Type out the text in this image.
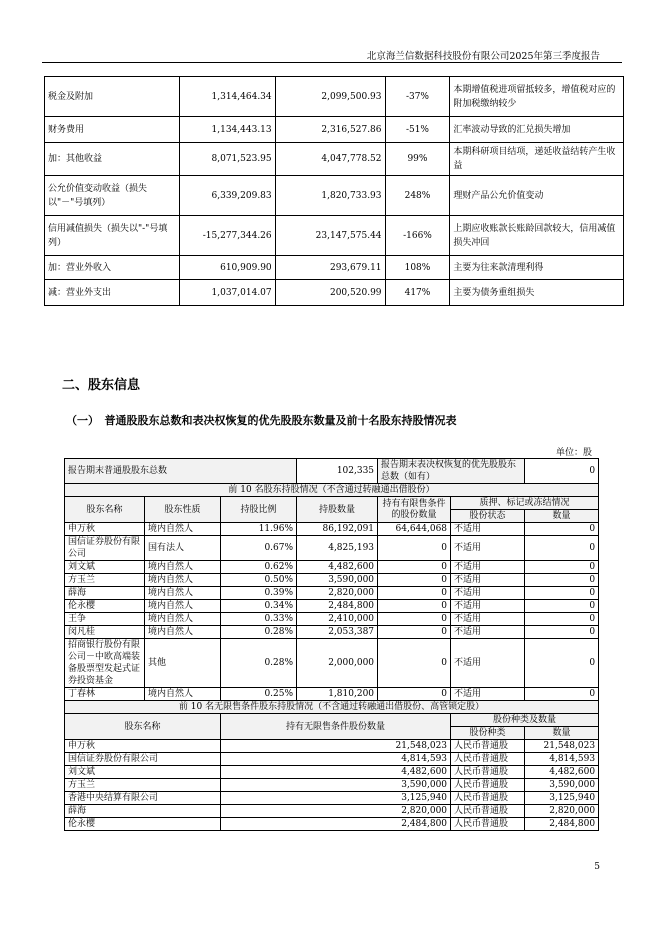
北京海兰信数据科技股份有限公司2025年第三季度报告
税金及附加	1,314,464.34	2,099,500.93	-37%	本期增值税进项留抵较多，增值税对应的附加税缴纳较少
财务费用	1,134,443.13	2,316,527.86	-51%	汇率波动导致的汇兑损失增加
加：其他收益	8,071,523.95	4,047,778.52	99%	本期科研项目结项，递延收益结转产生收益
公允价值变动收益（损失以"－"号填列）	6,339,209.83	1,820,733.93	248%	理财产品公允价值变动
信用减值损失（损失以"-"号填列）	-15,277,344.26	23,147,575.44	-166%	上期应收账款长账龄回款较大，信用减值损失冲回
加：营业外收入	610,909.90	293,679.11	108%	主要为往来款清理利得
减：营业外支出	1,037,014.07	200,520.99	417%	主要为债务重组损失
二、股东信息
（一）　普通股股东总数和表决权恢复的优先股股东数量及前十名股东持股情况表
单位：股
报告期末普通股股东总数			102,335	报告期末表决权恢复的优先股股东总数（如有）		0
前 10 名股东持股情况（不含通过转融通出借股份）						
股东名称	股东性质	持股比例	持股数量	持有有限售条件的股份数量	质押、标记或冻结情况	
					股份状态	数量
申万秋	境内自然人	11.96%	86,192,091	64,644,068	不适用	0
国信证券股份有限公司	国有法人	0.67%	4,825,193	0	不适用	0
刘文斌	境内自然人	0.62%	4,482,600	0	不适用	0
方玉兰	境内自然人	0.50%	3,590,000	0	不适用	0
薛海	境内自然人	0.39%	2,820,000	0	不适用	0
伦永樱	境内自然人	0.34%	2,484,800	0	不适用	0
王争	境内自然人	0.33%	2,410,000	0	不适用	0
闵凡桂	境内自然人	0.28%	2,053,387	0	不适用	0
招商银行股份有限公司－中欧高端装备股票型发起式证券投资基金	其他	0.28%	2,000,000	0	不适用	0
丁春林	境内自然人	0.25%	1,810,200	0	不适用	0
前 10 名无限售条件股东持股情况（不含通过转融通出借股份、高管锁定股）						
股东名称		持有无限售条件股份数量			股份种类及数量	
					股份种类	数量
申万秋		21,548,023			人民币普通股	21,548,023
国信证券股份有限公司		4,814,593			人民币普通股	4,814,593
刘文斌		4,482,600			人民币普通股	4,482,600
方玉兰		3,590,000			人民币普通股	3,590,000
香港中央结算有限公司		3,125,940			人民币普通股	3,125,940
薛海		2,820,000			人民币普通股	2,820,000
伦永樱		2,484,800			人民币普通股	2,484,800
5
